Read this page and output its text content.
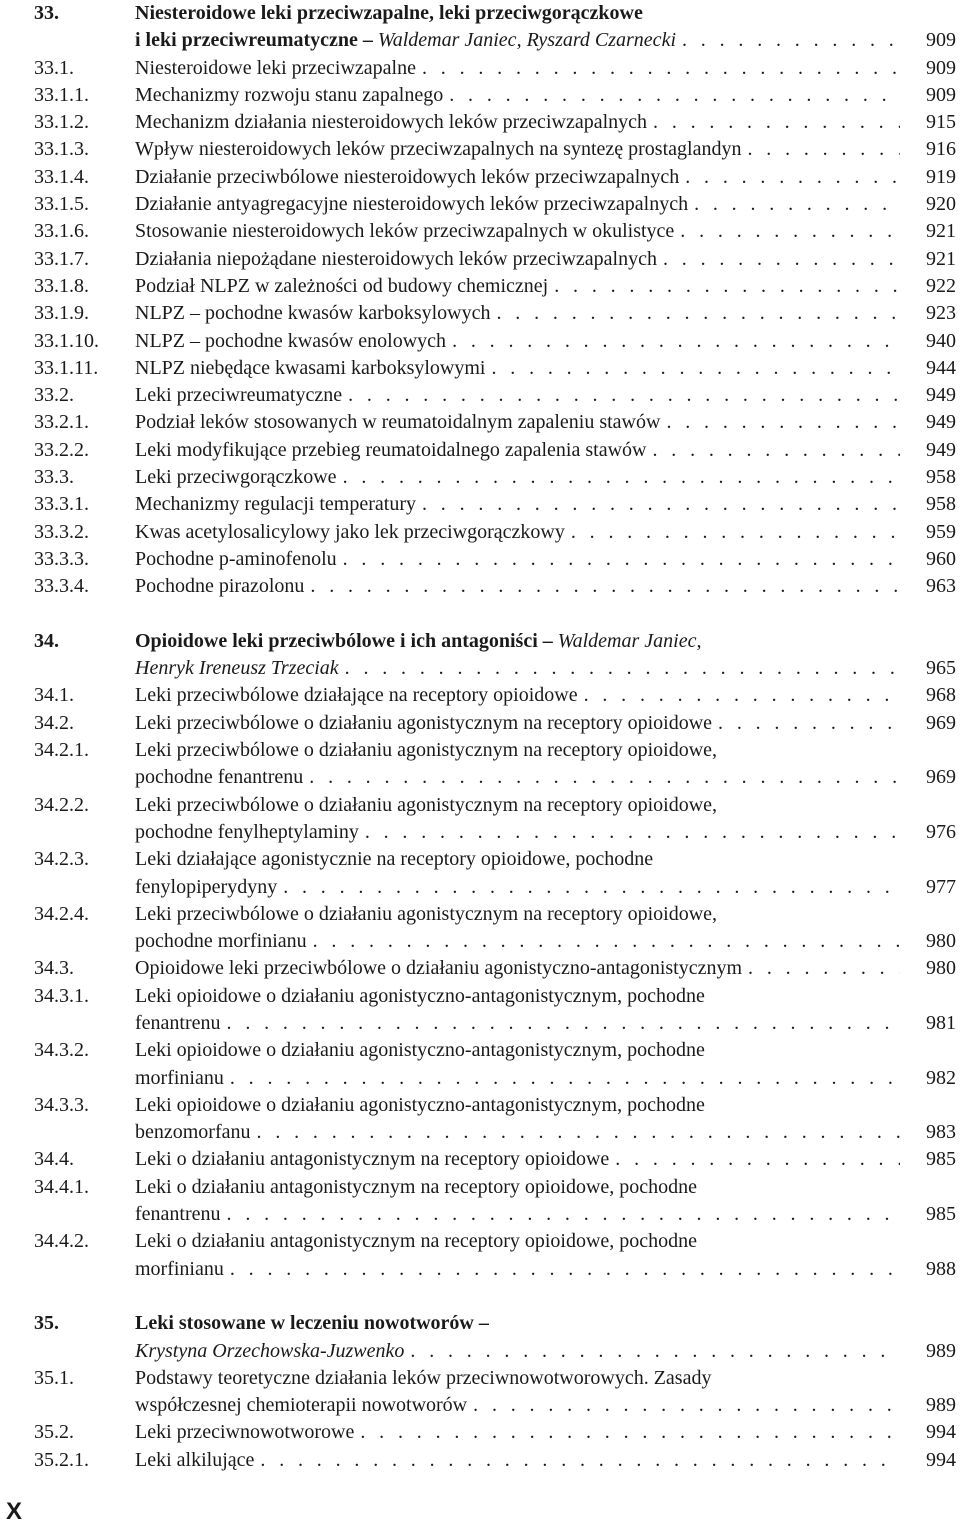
33.	Niesteroidowe leki przeciwzapalne, leki przeciwgorączkowe
i leki przeciwreumatyczne – Waldemar Janiec, Ryszard Czarnecki . . .	909
33.1.	Niesteroidowe leki przeciwzapalne . . .	909
33.1.1. Mechanizmy rozwoju stanu zapalnego . . .	909
33.1.2. Mechanizm działania niesteroidowych leków przeciwzapalnych . . .	915
33.1.3. Wpływ niesteroidowych leków przeciwzapalnych na syntezę prostaglandyn . . .	916
33.1.4. Działanie przeciwbólowe niesteroidowych leków przeciwzapalnych . . .	919
33.1.5. Działanie antyagregacyjne niesteroidowych leków przeciwzapalnych . . .	920
33.1.6. Stosowanie niesteroidowych leków przeciwzapalnych w okulistyce . . .	921
33.1.7. Działania niepożądane niesteroidowych leków przeciwzapalnych . . .	921
33.1.8. Podział NLPZ w zależności od budowy chemicznej . . .	922
33.1.9. NLPZ – pochodne kwasów karboksylowych . . .	923
33.1.10. NLPZ – pochodne kwasów enolowych . . .	940
33.1.11. NLPZ niebędące kwasami karboksylowymi . . .	944
33.2.	Leki przeciwreumatyczne . . .	949
33.2.1. Podział leków stosowanych w reumatoidalnym zapaleniu stawów . . .	949
33.2.2. Leki modyfikujące przebieg reumatoidalnego zapalenia stawów . . .	949
33.3.	Leki przeciwgorączkowe . . .	958
33.3.1. Mechanizmy regulacji temperatury . . .	958
33.3.2. Kwas acetylosalicylowy jako lek przeciwgorączkowy . . .	959
33.3.3. Pochodne p-aminofenolu . . .	960
33.3.4. Pochodne pirazolonu . . .	963
34.	Opioidowe leki przeciwbólowe i ich antagoniści – Waldemar Janiec,
Henryk Ireneusz Trzeciak . . .	965
34.1.	Leki przeciwbólowe działające na receptory opioidowe . . .	968
34.2.	Leki przeciwbólowe o działaniu agonistycznym na receptory opioidowe . . .	969
34.2.1. Leki przeciwbólowe o działaniu agonistycznym na receptory opioidowe,
pochodne fenantrenu . . .	969
34.2.2. Leki przeciwbólowe o działaniu agonistycznym na receptory opioidowe,
pochodne fenylheptylaminy . . .	976
34.2.3. Leki działające agonistycznie na receptory opioidowe, pochodne
fenylopiperydyny . . .	977
34.2.4. Leki przeciwbólowe o działaniu agonistycznym na receptory opioidowe,
pochodne morfinianu . . .	980
34.3.	Opioidowe leki przeciwbólowe o działaniu agonistyczno-antagonistycznym . . .	980
34.3.1. Leki opioidowe o działaniu agonistyczno-antagonistycznym, pochodne
fenantrenu . . .	981
34.3.2. Leki opioidowe o działaniu agonistyczno-antagonistycznym, pochodne
morfinianu . . .	982
34.3.3. Leki opioidowe o działaniu agonistyczno-antagonistycznym, pochodne
benzomorfanu . . .	983
34.4.	Leki o działaniu antagonistycznym na receptory opioidowe . . .	985
34.4.1. Leki o działaniu antagonistycznym na receptory opioidowe, pochodne
fenantrenu . . .	985
34.4.2. Leki o działaniu antagonistycznym na receptory opioidowe, pochodne
morfinianu . . .	988
35.	Leki stosowane w leczeniu nowotworów –
Krystyna Orzechowska-Juzwenko . . .	989
35.1.	Podstawy teoretyczne działania leków przeciwnowotworowych. Zasady
współczesnej chemioterapii nowotworów . . .	989
35.2.	Leki przeciwnowotworowe . . .	994
35.2.1. Leki alkilujące . . .	994
X
